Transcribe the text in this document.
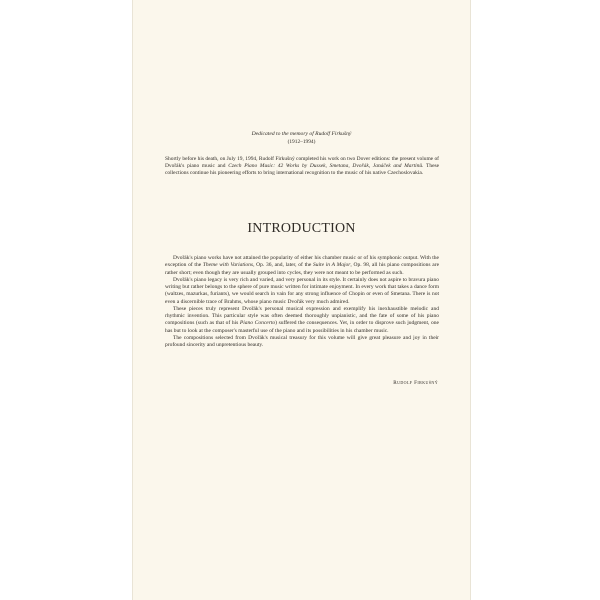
Dedicated to the memory of Rudolf Firkušný
(1912–1994)

Shortly before his death, on July 19, 1994, Rudolf Firkušný completed his work on two Dover editions: the present volume of Dvořák's piano music and Czech Piano Music: 42 Works by Dussek, Smetana, Dvořák, Janáček and Martinů. These collections continue his pioneering efforts to bring international recognition to the music of his native Czechoslovakia.

INTRODUCTION

Dvořák's piano works have not attained the popularity of either his chamber music or of his symphonic output. With the exception of the Theme with Variations, Op. 36, and, later, of the Suite in A Major, Op. 98, all his piano compositions are rather short; even though they are usually grouped into cycles, they were not meant to be performed as such.

Dvořák's piano legacy is very rich and varied, and very personal in its style. It certainly does not aspire to bravura piano writing but rather belongs to the sphere of pure music written for intimate enjoyment. In every work that takes a dance form (waltzes, mazurkas, furiants), we would search in vain for any strong influence of Chopin or even of Smetana. There is not even a discernible trace of Brahms, whose piano music Dvořák very much admired.

These pieces truly represent Dvořák's personal musical expression and exemplify his inexhaustible melodic and rhythmic invention. This particular style was often deemed thoroughly unpianistic, and the fate of some of his piano compositions (such as that of his Piano Concerto) suffered the consequences. Yet, in order to disprove such judgment, one has but to look at the composer's masterful use of the piano and its possibilities in his chamber music.

The compositions selected from Dvořák's musical treasury for this volume will give great pleasure and joy in their profound sincerity and unpretentious beauty.

Rudolf Firkušný
